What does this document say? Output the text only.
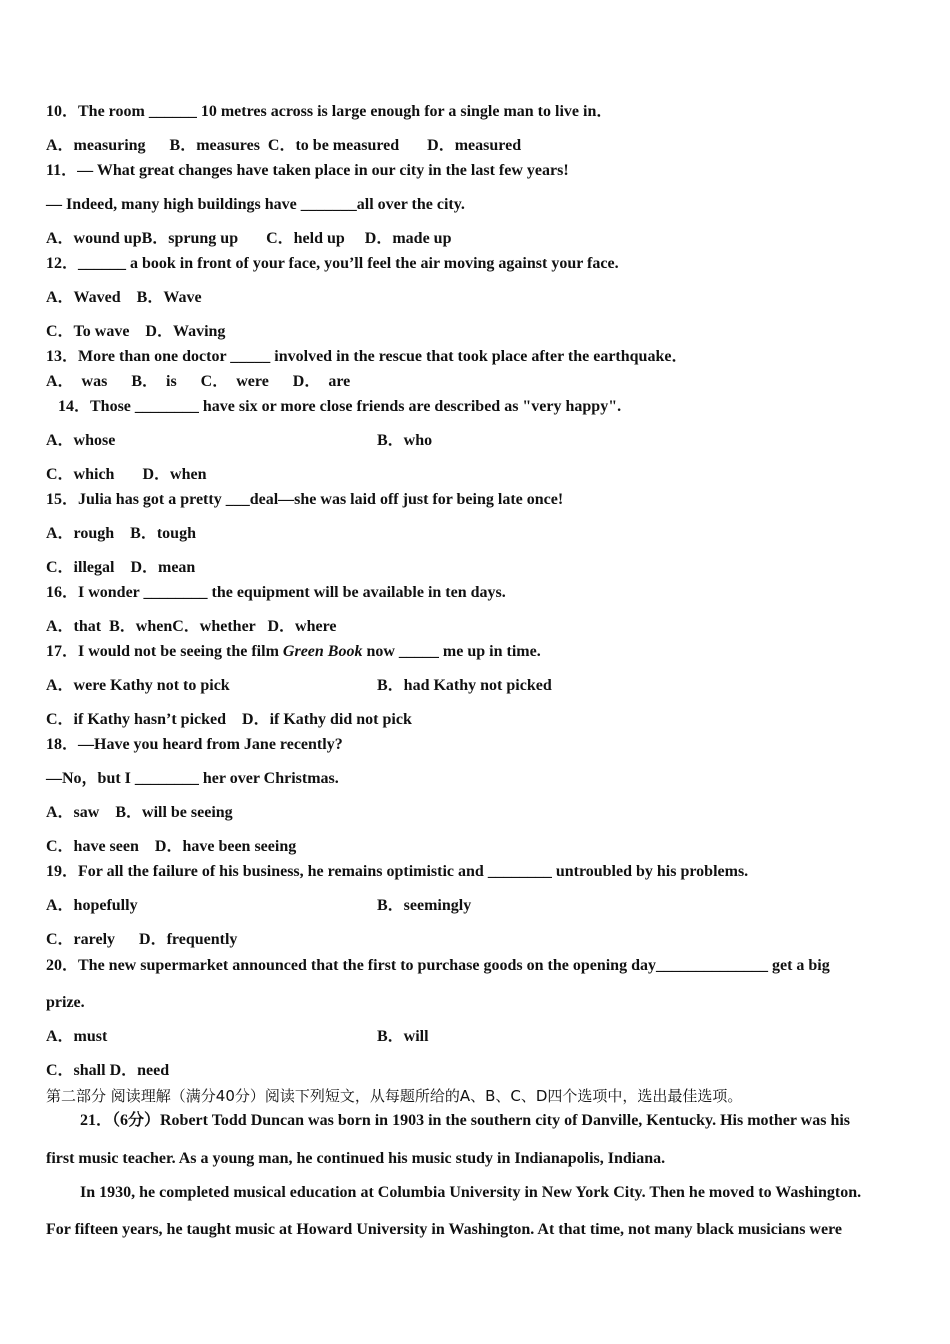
10．The room ______ 10 metres across is large enough for a single man to live in．
A．measuring      B．measures  C．to be measured       D．measured
11．— What great changes have taken place in our city in the last few years!
— Indeed, many high buildings have _______all over the city.
A．wound upB．sprung up       C．held up     D．made up
12．______ a book in front of your face, you’ll feel the air moving against your face.
A．Waved    B．Wave
C．To wave    D．Waving
13．More than one doctor _____ involved in the rescue that took place after the earthquake．
A．  was      B．  is      C．  were      D．  are
14．Those ________ have six or more close friends are described as "very happy".
A．whose	B．who
C．which       D．when
15．Julia has got a pretty ___deal—she was laid off just for being late once!
A．rough    B．tough
C．illegal    D．mean
16．I wonder ________ the equipment will be available in ten days.
A．that  B．whenC．whether   D．where
17．I would not be seeing the film Green Book now _____ me up in time.
A．were Kathy not to pick	B．had Kathy not picked
C．if Kathy hasn’t picked    D．if Kathy did not pick
18．—Have you heard from Jane recently?
—No，but I ________ her over Christmas.
A．saw    B．will be seeing
C．have seen    D．have been seeing
19．For all the failure of his business, he remains optimistic and ________ untroubled by his problems.
A．hopefully	B．seemingly
C．rarely      D．frequently
20．The new supermarket announced that the first to purchase goods on the opening day______________ get a big
prize.
A．must	B．will
C．shall D．need
第二部分 阅读理解（满分40分）阅读下列短文，从每题所给的A、B、C、D四个选项中，选出最佳选项。
21．（6分）Robert Todd Duncan was born in 1903 in the southern city of Danville, Kentucky. His mother was his
first music teacher. As a young man, he continued his music study in Indianapolis, Indiana.
In 1930, he completed musical education at Columbia University in New York City. Then he moved to Washington.
For fifteen years, he taught music at Howard University in Washington. At that time, not many black musicians were
